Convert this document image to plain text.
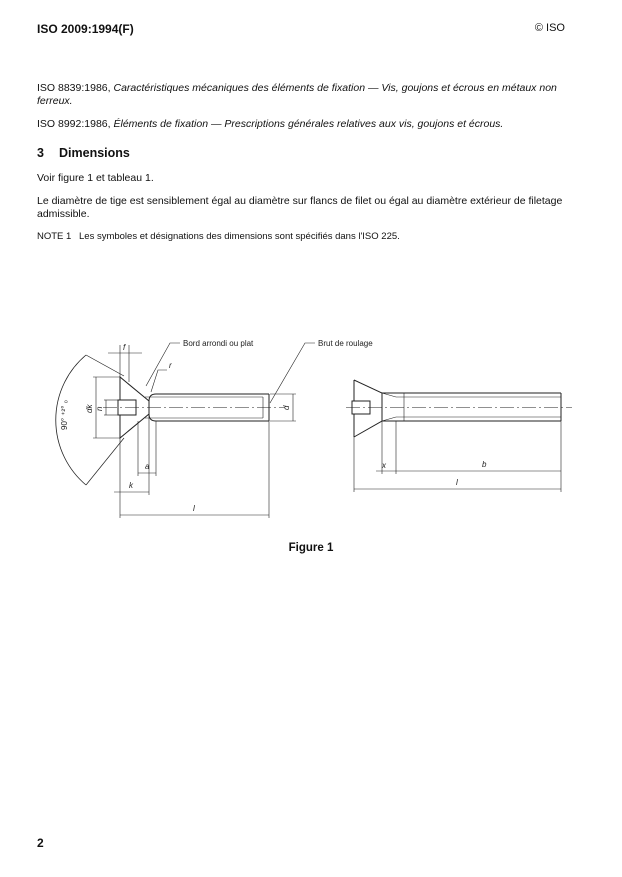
ISO 2009:1994(F)	© ISO
ISO 8839:1986, Caractéristiques mécaniques des éléments de fixation — Vis, goujons et écrous en métaux non ferreux.
ISO 8992:1986, Éléments de fixation — Prescriptions générales relatives aux vis, goujons et écrous.
3 Dimensions
Voir figure 1 et tableau 1.
Le diamètre de tige est sensiblement égal au diamètre sur flancs de filet ou égal au diamètre extérieur de filetage admissible.
NOTE 1 Les symboles et désignations des dimensions sont spécifiés dans l'ISO 225.
Bord arrondi ou plat	Brut de roulage
f
r
n
dk	d
90° ⁺²° ₀
a
k
l
x	b
l
Figure 1
2
